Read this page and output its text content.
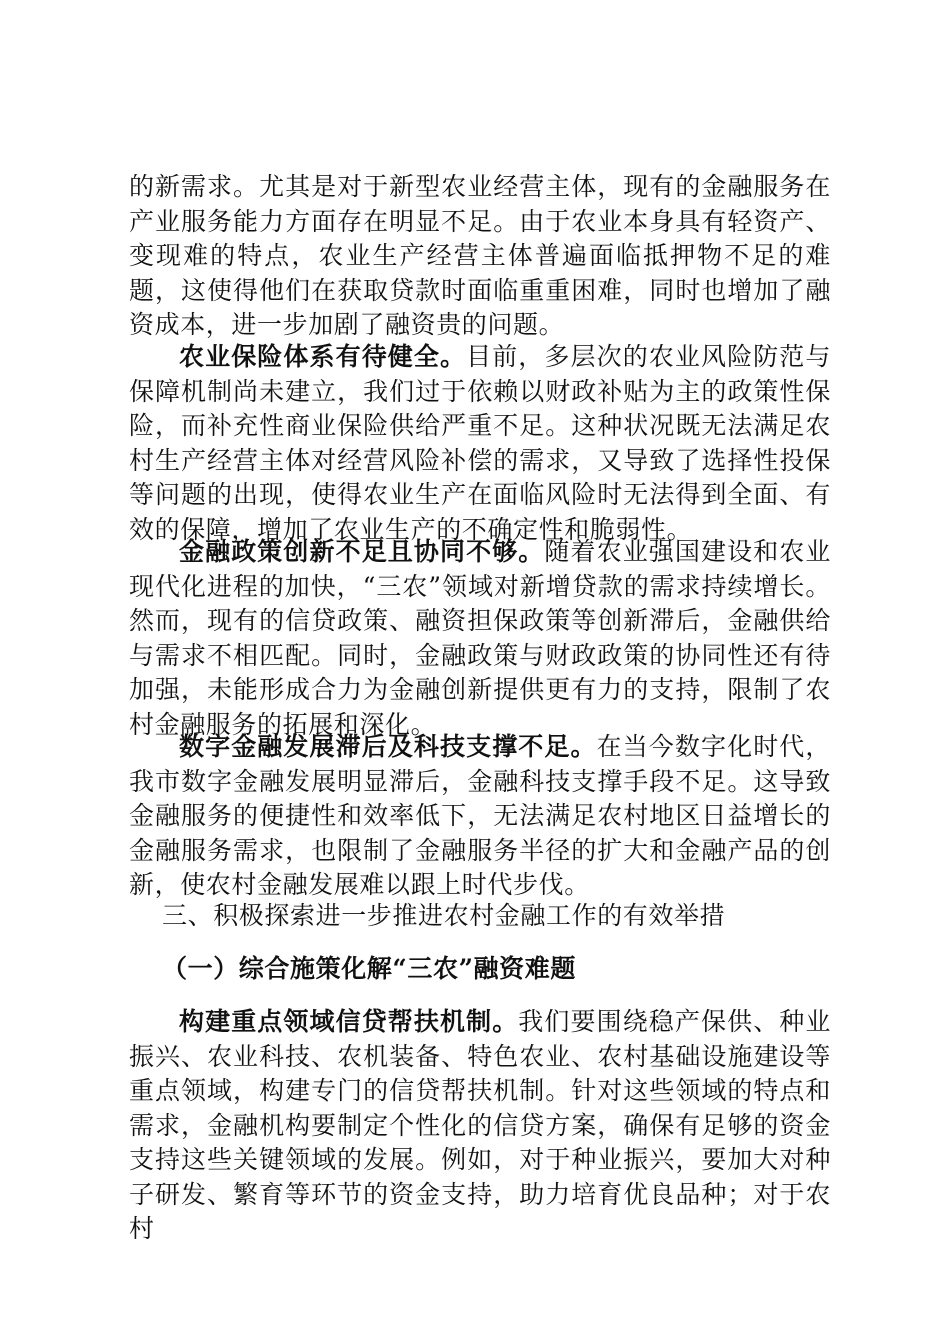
的新需求。尤其是对于新型农业经营主体，现有的金融服务在产业服务能力方面存在明显不足。由于农业本身具有轻资产、变现难的特点，农业生产经营主体普遍面临抵押物不足的难题，这使得他们在获取贷款时面临重重困难，同时也增加了融资成本，进一步加剧了融资贵的问题。

农业保险体系有待健全。目前，多层次的农业风险防范与保障机制尚未建立，我们过于依赖以财政补贴为主的政策性保险，而补充性商业保险供给严重不足。这种状况既无法满足农村生产经营主体对经营风险补偿的需求，又导致了选择性投保等问题的出现，使得农业生产在面临风险时无法得到全面、有效的保障，增加了农业生产的不确定性和脆弱性。

金融政策创新不足且协同不够。随着农业强国建设和农业现代化进程的加快，“三农”领域对新增贷款的需求持续增长。然而，现有的信贷政策、融资担保政策等创新滞后，金融供给与需求不相匹配。同时，金融政策与财政政策的协同性还有待加强，未能形成合力为金融创新提供更有力的支持，限制了农村金融服务的拓展和深化。

数字金融发展滞后及科技支撑不足。在当今数字化时代，我市数字金融发展明显滞后，金融科技支撑手段不足。这导致金融服务的便捷性和效率低下，无法满足农村地区日益增长的金融服务需求，也限制了金融服务半径的扩大和金融产品的创新，使农村金融发展难以跟上时代步伐。

三、积极探索进一步推进农村金融工作的有效举措
（一）综合施策化解“三农”融资难题

构建重点领域信贷帮扶机制。我们要围绕稳产保供、种业振兴、农业科技、农机装备、特色农业、农村基础设施建设等重点领域，构建专门的信贷帮扶机制。针对这些领域的特点和需求，金融机构要制定个性化的信贷方案，确保有足够的资金支持这些关键领域的发展。例如，对于种业振兴，要加大对种子研发、繁育等环节的资金支持，助力培育优良品种；对于农村
